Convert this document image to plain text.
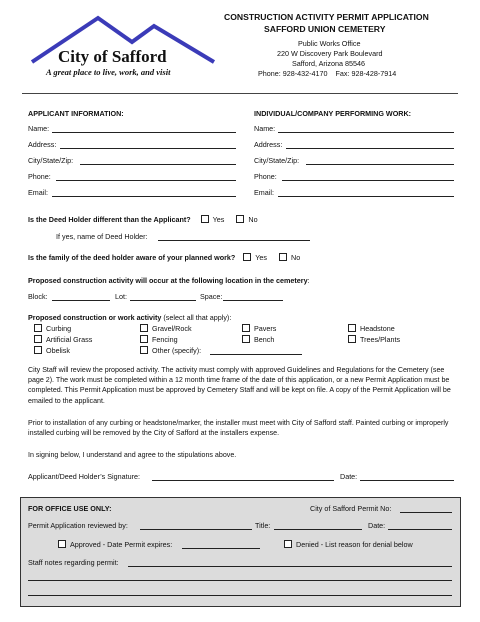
City of Safford
A great place to live, work, and visit
CONSTRUCTION ACTIVITY PERMIT APPLICATION
SAFFORD UNION CEMETERY
Public Works Office
220 W Discovery Park Boulevard
Safford, Arizona 85546
Phone: 928-432-4170    Fax: 928-428-7914
APPLICANT INFORMATION:
Name:
Address:
City/State/Zip:
Phone:
Email:
INDIVIDUAL/COMPANY PERFORMING WORK:
Name:
Address:
City/State/Zip:
Phone:
Email:
Is the Deed Holder different than the Applicant?	Yes	No
If yes, name of Deed Holder:
Is the family of the deed holder aware of your planned work?	Yes	No
Proposed construction activity will occur at the following location in the cemetery:
Block:	Lot:	Space:
Proposed construction or work activity (select all that apply):
Curbing
Artificial Grass
Obelisk
Gravel/Rock
Fencing
Other (specify):
Pavers
Bench
Headstone
Trees/Plants
City Staff will review the proposed activity. The activity must comply with approved Guidelines and Regulations for the Cemetery (see page 2). The work must be completed within a 12 month time frame of the date of this application, or a new Permit Application must be completed. This Permit Application must be approved by Cemetery Staff and will be kept on file. A copy of the Permit Application will be emailed to the applicant.
Prior to installation of any curbing or headstone/marker, the installer must meet with City of Safford staff. Painted curbing or improperly installed curbing will be removed by the City of Safford at the installers expense.
In signing below, I understand and agree to the stipulations above.
Applicant/Deed Holder’s Signature:	Date:
FOR OFFICE USE ONLY:	City of Safford Permit No:
Permit Application reviewed by:	Title:	Date:
Approved - Date Permit expires:	Denied - List reason for denial below
Staff notes regarding permit:
